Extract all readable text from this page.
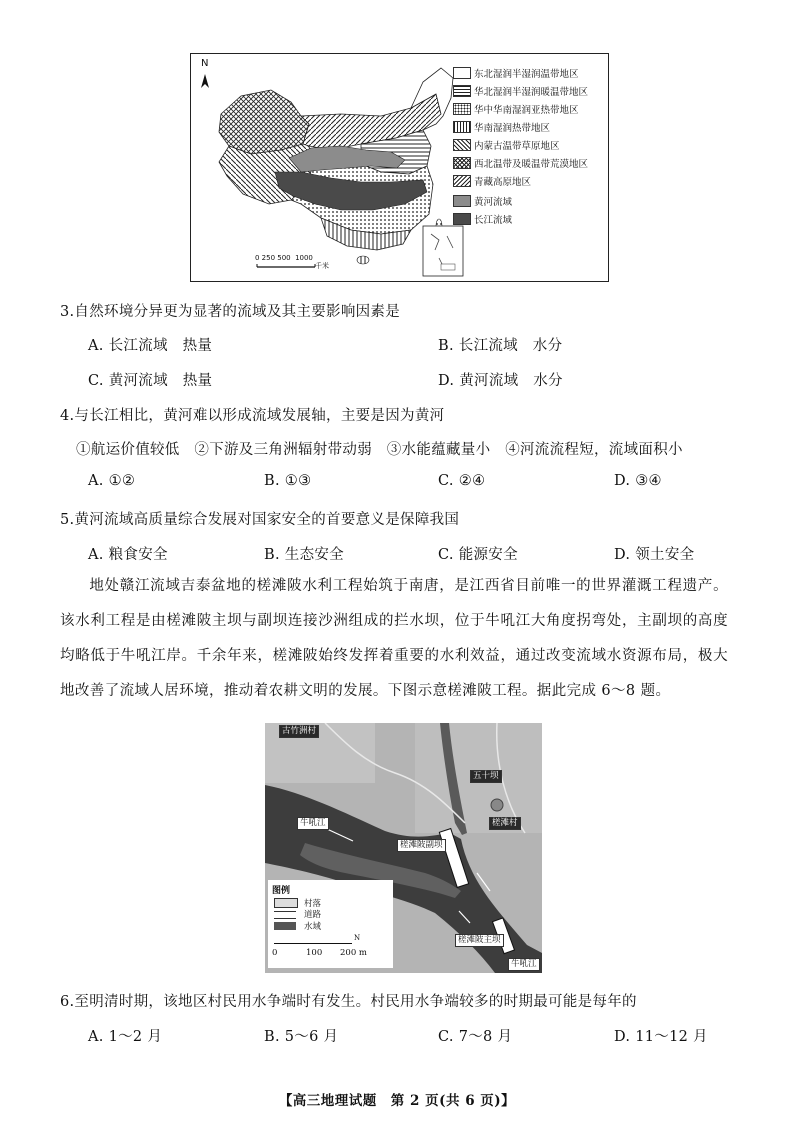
N
0 250 500  1000
千米
东北湿润半湿润温带地区
华北湿润半湿润暖温带地区
华中华南湿润亚热带地区
华南湿润热带地区
内蒙古温带草原地区
西北温带及暖温带荒漠地区
青藏高原地区
黄河流域
长江流域
3.自然环境分异更为显著的流域及其主要影响因素是
A. 长江流域　热量	B. 长江流域　水分
C. 黄河流域　热量	D. 黄河流域　水分
4.与长江相比，黄河难以形成流域发展轴，主要是因为黄河
①航运价值较低　②下游及三角洲辐射带动弱　③水能蕴藏量小　④河流流程短，流域面积小
A. ①②	B. ①③	C. ②④	D. ③④
5.黄河流域高质量综合发展对国家安全的首要意义是保障我国
A. 粮食安全	B. 生态安全	C. 能源安全	D. 领土安全
地处赣江流域吉泰盆地的槎滩陂水利工程始筑于南唐，是江西省目前唯一的世界灌溉工程遗产。该水利工程是由槎滩陂主坝与副坝连接沙洲组成的拦水坝，位于牛吼江大角度拐弯处，主副坝的高度均略低于牛吼江岸。千余年来，槎滩陂始终发挥着重要的水利效益，通过改变流域水资源布局，极大地改善了流域人居环境，推动着农耕文明的发展。下图示意槎滩陂工程。据此完成 6～8 题。
古竹洲村
五十坝
槎滩村
牛吼江
槎滩陂副坝
槎滩陂主坝
牛吼江
图例
村落
道路
水域
0	100 200 m
N
6.至明清时期，该地区村民用水争端时有发生。村民用水争端较多的时期最可能是每年的
A. 1～2 月	B. 5～6 月	C. 7～8 月	D. 11～12 月
【高三地理试题　第 2 页(共 6 页)】
